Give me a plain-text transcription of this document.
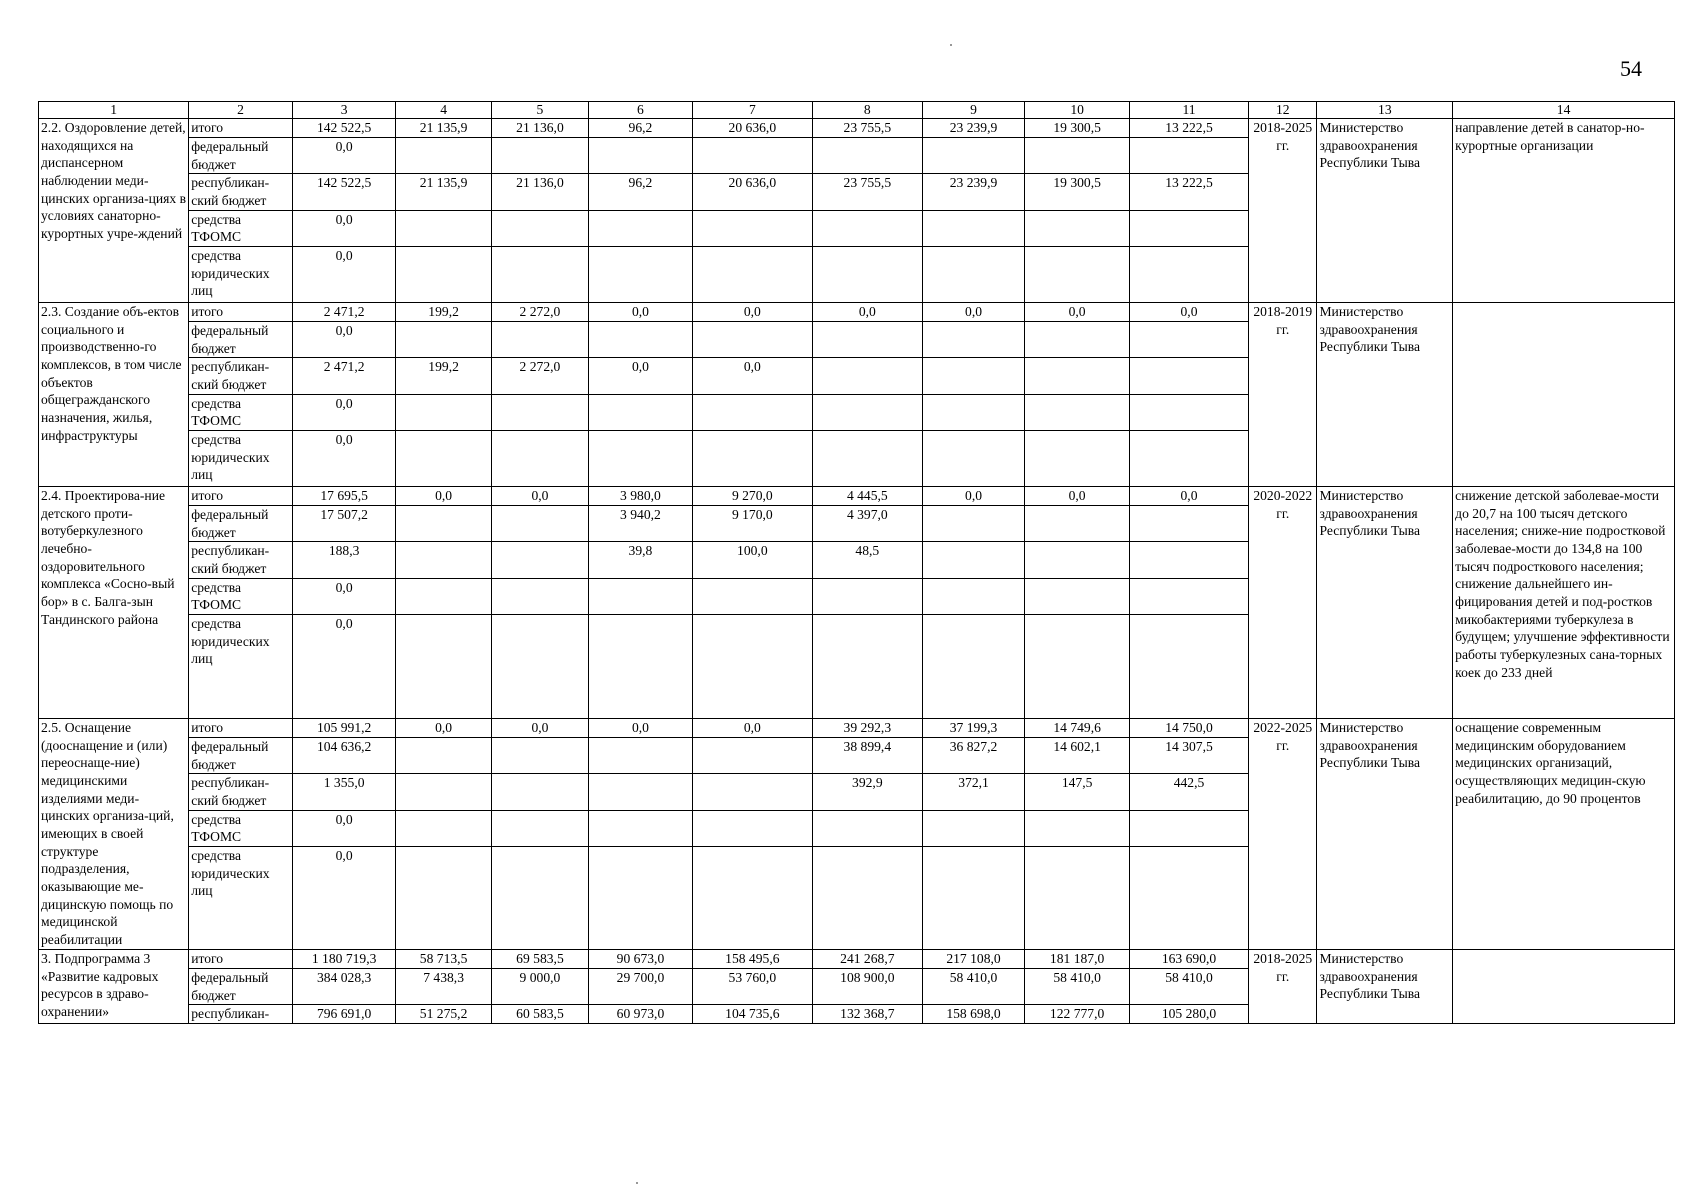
54
1	2	3	4	5	6	7	8	9	10	11	12	13	14
2.2. Оздоровление детей, находящихся на диспансерном наблюдении меди-цинских организа-циях в условиях санаторно-курортных учре-ждений	итого	142 522,5	21 135,9	21 136,0	96,2	20 636,0	23 755,5	23 239,9	19 300,5	13 222,5	2018-2025 гг.	Министерство здравоохранения Республики Тыва	направление детей в санатор-но-курортные организации
	федеральный бюджет	0,0											
	республикан-ский бюджет	142 522,5	21 135,9	21 136,0	96,2	20 636,0	23 755,5	23 239,9	19 300,5	13 222,5			
	средства ТФОМС	0,0											
	средства юридических лиц	0,0											
2.3. Создание объ-ектов социального и производственно-го комплексов, в том числе объектов общегражданского назначения, жилья, инфраструктуры	итого	2 471,2	199,2	2 272,0	0,0	0,0	0,0	0,0	0,0	0,0	2018-2019 гг.	Министерство здравоохранения Республики Тыва	
	федеральный бюджет	0,0											
	республикан-ский бюджет	2 471,2	199,2	2 272,0	0,0	0,0							
	средства ТФОМС	0,0											
	средства юридических лиц	0,0											
2.4. Проектирова-ние детского проти-вотуберкулезного лечебно-оздоровительного комплекса «Сосно-вый бор» в с. Балга-зын Тандинского района	итого	17 695,5	0,0	0,0	3 980,0	9 270,0	4 445,5	0,0	0,0	0,0	2020-2022 гг.	Министерство здравоохранения Республики Тыва	снижение детской заболевае-мости до 20,7 на 100 тысяч детского населения; сниже-ние подростковой заболевае-мости до 134,8 на 100 тысяч подросткового населения; снижение дальнейшего ин-фицирования детей и под-ростков микобактериями туберкулеза в будущем; улучшение эффективности работы туберкулезных сана-торных коек до 233 дней
	федеральный бюджет	17 507,2			3 940,2	9 170,0	4 397,0						
	республикан-ский бюджет	188,3			39,8	100,0	48,5						
	средства ТФОМС	0,0											
	средства юридических лиц	0,0											
2.5. Оснащение (дооснащение и (или) переоснаще-ние) медицинскими изделиями меди-цинских организа-ций, имеющих в своей структуре подразделения, оказывающие ме-дицинскую помощь по медицинской реабилитации	итого	105 991,2	0,0	0,0	0,0	0,0	39 292,3	37 199,3	14 749,6	14 750,0	2022-2025 гг.	Министерство здравоохранения Республики Тыва	оснащение современным медицинским оборудованием медицинских организаций, осуществляющих медицин-скую реабилитацию, до 90 процентов
	федеральный бюджет	104 636,2					38 899,4	36 827,2	14 602,1	14 307,5			
	республикан-ский бюджет	1 355,0					392,9	372,1	147,5	442,5			
	средства ТФОМС	0,0											
	средства юридических лиц	0,0											
3. Подпрограмма 3 «Развитие кадровых ресурсов в здраво-охранении»	итого	1 180 719,3	58 713,5	69 583,5	90 673,0	158 495,6	241 268,7	217 108,0	181 187,0	163 690,0	2018-2025 гг.	Министерство здравоохранения Республики Тыва	
	федеральный бюджет	384 028,3	7 438,3	9 000,0	29 700,0	53 760,0	108 900,0	58 410,0	58 410,0	58 410,0			
	республикан-	796 691,0	51 275,2	60 583,5	60 973,0	104 735,6	132 368,7	158 698,0	122 777,0	105 280,0			
